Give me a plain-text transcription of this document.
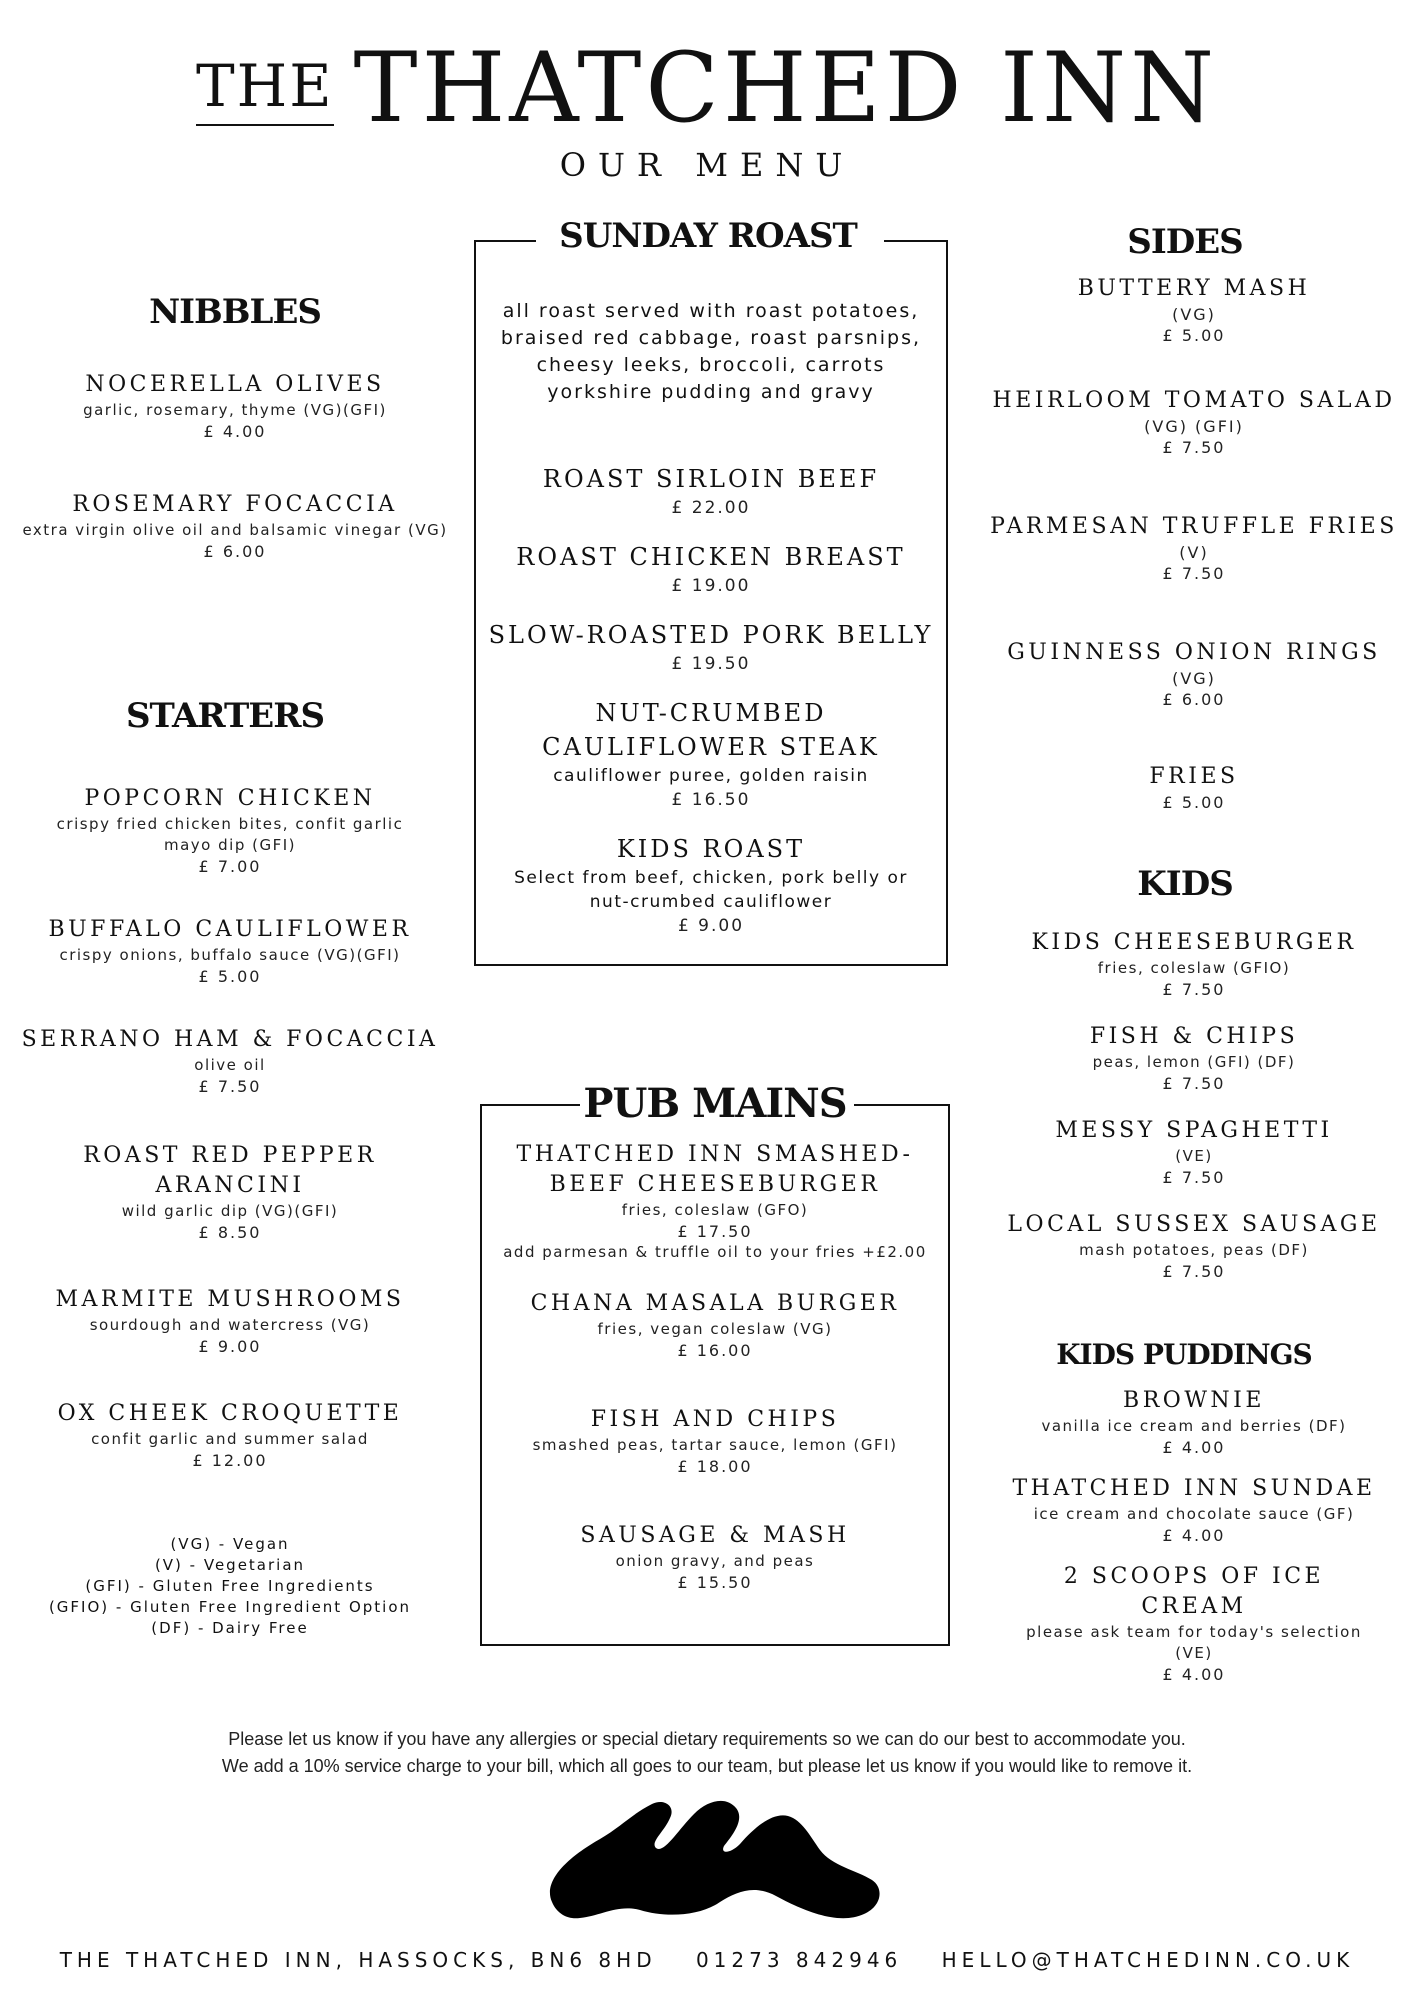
THE THATCHED INN
OUR MENU
NIBBLES
NOCERELLA OLIVES
garlic, rosemary, thyme (VG)(GFI)
£ 4.00
ROSEMARY FOCACCIA
extra virgin olive oil and balsamic vinegar (VG)
£ 6.00
STARTERS
POPCORN CHICKEN
crispy fried chicken bites, confit garlic mayo dip (GFI)
£ 7.00
BUFFALO CAULIFLOWER
crispy onions, buffalo sauce (VG)(GFI)
£ 5.00
SERRANO HAM & FOCACCIA
olive oil
£ 7.50
ROAST RED PEPPER ARANCINI
wild garlic dip (VG)(GFI)
£ 8.50
MARMITE MUSHROOMS
sourdough and watercress (VG)
£ 9.00
OX CHEEK CROQUETTE
confit garlic and summer salad
£ 12.00
(VG) - Vegan
(V) - Vegetarian
(GFI) - Gluten Free Ingredients
(GFIO) - Gluten Free Ingredient Option
(DF) - Dairy Free
SUNDAY ROAST
all roast served with roast potatoes,
braised red cabbage, roast parsnips,
cheesy leeks, broccoli, carrots
yorkshire pudding and gravy
ROAST SIRLOIN BEEF
£ 22.00
ROAST CHICKEN BREAST
£ 19.00
SLOW-ROASTED PORK BELLY
£ 19.50
NUT-CRUMBED CAULIFLOWER STEAK
cauliflower puree, golden raisin
£ 16.50
KIDS ROAST
Select from beef, chicken, pork belly or nut-crumbed cauliflower
£ 9.00
PUB MAINS
THATCHED INN SMASHED-BEEF CHEESEBURGER
fries, coleslaw (GFO)
£ 17.50
add parmesan & truffle oil to your fries +£2.00
CHANA MASALA BURGER
fries, vegan coleslaw (VG)
£ 16.00
FISH AND CHIPS
smashed peas, tartar sauce, lemon (GFI)
£ 18.00
SAUSAGE & MASH
onion gravy, and peas
£ 15.50
SIDES
BUTTERY MASH
(VG)
£ 5.00
HEIRLOOM TOMATO SALAD
(VG) (GFI)
£ 7.50
PARMESAN TRUFFLE FRIES
(V)
£ 7.50
GUINNESS ONION RINGS
(VG)
£ 6.00
FRIES
£ 5.00
KIDS
KIDS CHEESEBURGER
fries, coleslaw (GFIO)
£ 7.50
FISH & CHIPS
peas, lemon (GFI) (DF)
£ 7.50
MESSY SPAGHETTI
(VE)
£ 7.50
LOCAL SUSSEX SAUSAGE
mash potatoes, peas (DF)
£ 7.50
KIDS PUDDINGS
BROWNIE
vanilla ice cream and berries (DF)
£ 4.00
THATCHED INN SUNDAE
ice cream and chocolate sauce (GF)
£ 4.00
2 SCOOPS OF ICE CREAM
please ask team for today's selection (VE)
£ 4.00
Please let us know if you have any allergies or special dietary requirements so we can do our best to accommodate you.
We add a 10% service charge to your bill, which all goes to our team, but please let us know if you would like to remove it.
THE THATCHED INN, HASSOCKS, BN6 8HD 01273 842946 HELLO@THATCHEDINN.CO.UK
